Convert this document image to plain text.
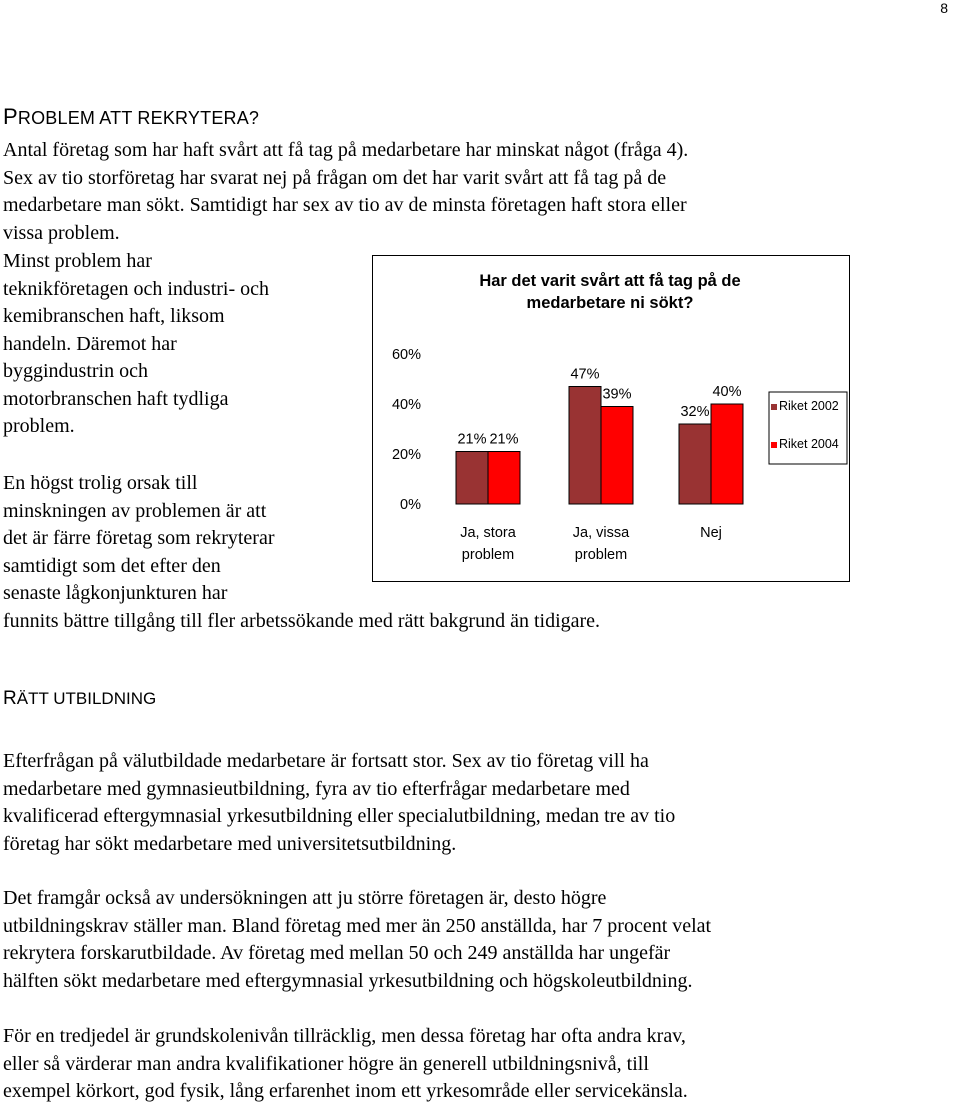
8
PROBLEM ATT REKRYTERA?
Antal företag som har haft svårt att få tag på medarbetare har minskat något (fråga 4).
Sex av tio storföretag har svarat nej på frågan om det har varit svårt att få tag på de
medarbetare man sökt. Samtidigt har sex av tio av de minsta företagen haft stora eller
vissa problem.
Minst problem har
teknikföretagen och industri- och
kemibranschen haft, liksom
handeln. Däremot har
byggindustrin och
motorbranschen haft tydliga
problem.
En högst trolig orsak till
minskningen av problemen är att
det är färre företag som rekryterar
samtidigt som det efter den
senaste lågkonjunkturen har
funnits bättre tillgång till fler arbetssökande med rätt bakgrund än tidigare.
Har det varit svårt att få tag på de
medarbetare ni sökt?
0%
20%
40%
60%
21%
47%
32%
21%
39%	40%
Ja, stora
problem
Ja, vissa
problem
Nej
Riket 2002
Riket 2004
RÄTT UTBILDNING
Efterfrågan på välutbildade medarbetare är fortsatt stor. Sex av tio företag vill ha
medarbetare med gymnasieutbildning, fyra av tio efterfrågar medarbetare med
kvalificerad eftergymnasial yrkesutbildning eller specialutbildning, medan tre av tio
företag har sökt medarbetare med universitetsutbildning.
Det framgår också av undersökningen att ju större företagen är, desto högre
utbildningskrav ställer man. Bland företag med mer än 250 anställda, har 7 procent velat
rekrytera forskarutbildade. Av företag med mellan 50 och 249 anställda har ungefär
hälften sökt medarbetare med eftergymnasial yrkesutbildning och högskoleutbildning.
För en tredjedel är grundskolenivån tillräcklig, men dessa företag har ofta andra krav,
eller så värderar man andra kvalifikationer högre än generell utbildningsnivå, till
exempel körkort, god fysik, lång erfarenhet inom ett yrkesområde eller servicekänsla.
